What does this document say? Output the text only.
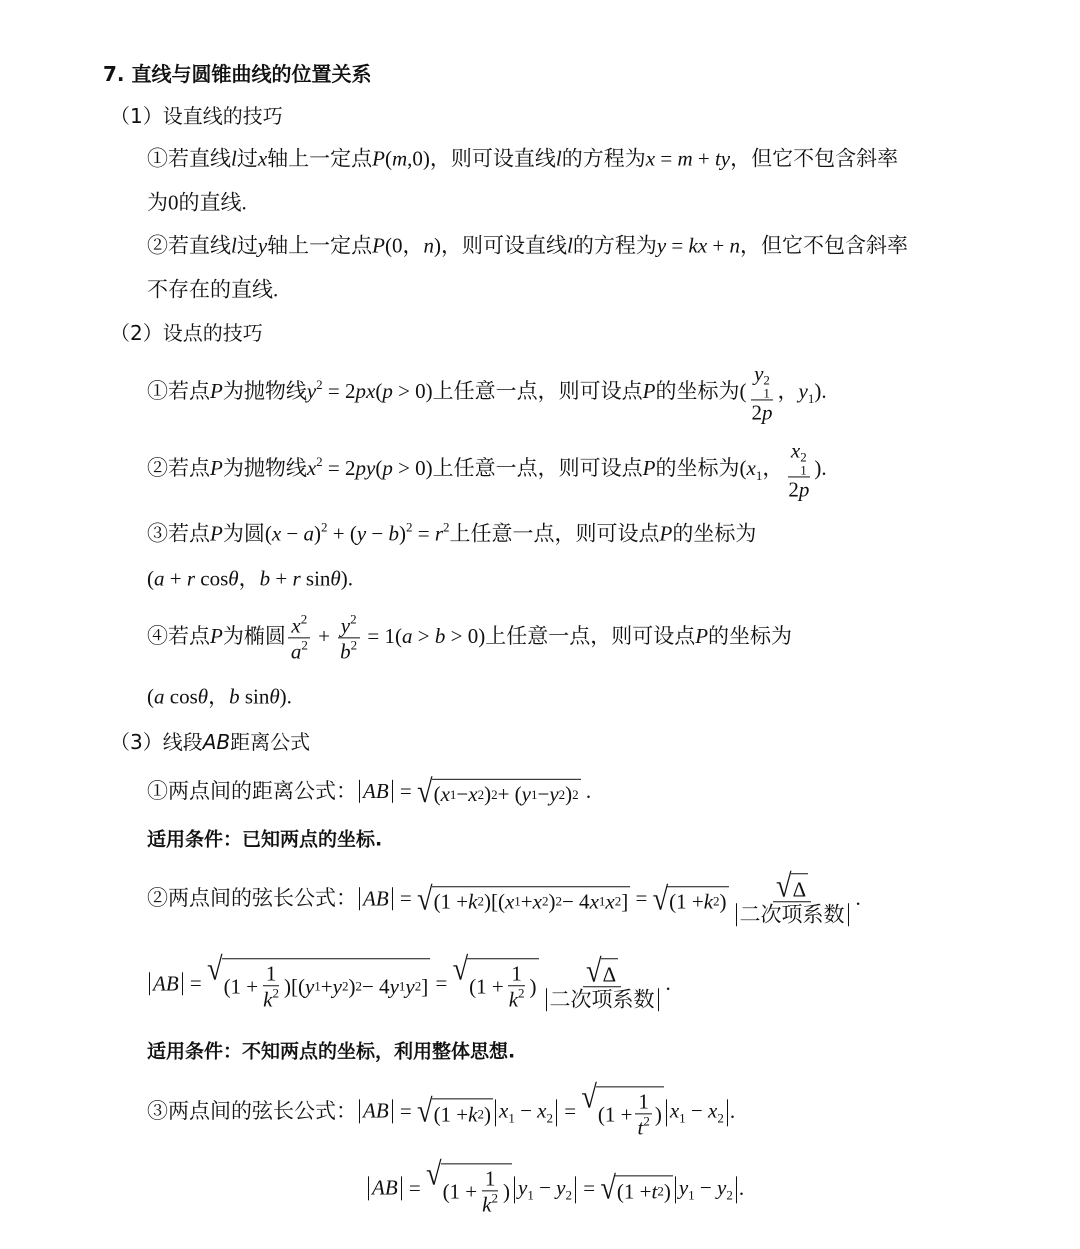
7. 直线与圆锥曲线的位置关系
（1）设直线的技巧
①若直线l过x轴上一定点P(m,0)，则可设直线l的方程为x = m + ty，但它不包含斜率
为0的直线.
②若直线l过y轴上一定点P(0，n)，则可设直线l的方程为y = kx + n，但它不包含斜率
不存在的直线.
（2）设点的技巧
①若点P为抛物线$y^2 = 2px(p > 0)$上任意一点，则可设点P的坐标为( y 2
1
2p ，$y_1$).
②若点P为抛物线$x^2 = 2py(p > 0)$上任意一点，则可设点P的坐标为($x_1$， x 2
1
2p ).
③若点P为圆$(x - a)^2 + (y - b)^2 = r^2$上任意一点，则可设点P的坐标为
(a + r cosθ，b + r sinθ).
④若点P为椭圆 $\frac{x^2}{a^2} + \frac{y^2}{b^2} = 1(a > b > 0)$上任意一点，则可设点P的坐标为
(a cosθ，b sinθ).
（3）线段AB距离公式
①两点间的距离公式： AB = √ ( x 1 − x 2 ) 2 + ( y 1 − y 2 ) 2 .
适用条件：已知两点的坐标.
②两点间的弦长公式： AB = √ (1 + k 2 )[( x 1 + x 2 ) 2 − 4 x 1 x 2 ] = √ (1 + k 2 ) $\frac{√ \Delta}{\text{二次项系数}}$ .
AB = √ ($1 + \frac{1}{k^2}$ )[( y 1 + y 2 ) 2 − 4 y 1 y 2 ] = √ ($1 + \frac{1}{k^2}$ ) $\frac{√ \Delta}{\text{二次项系数}}$ .
适用条件：不知两点的坐标，利用整体思想.
③两点间的弦长公式： AB = √ (1 + k 2 ) $x_1 - x_2$ = √ ($1 + \frac{1}{t^2}$ ) $x_1 - x_2$ .
AB = √ ($1 + \frac{1}{k^2}$ ) $y_1 - y_2$ = √ (1 + t 2 ) $y_1 - y_2$ .
